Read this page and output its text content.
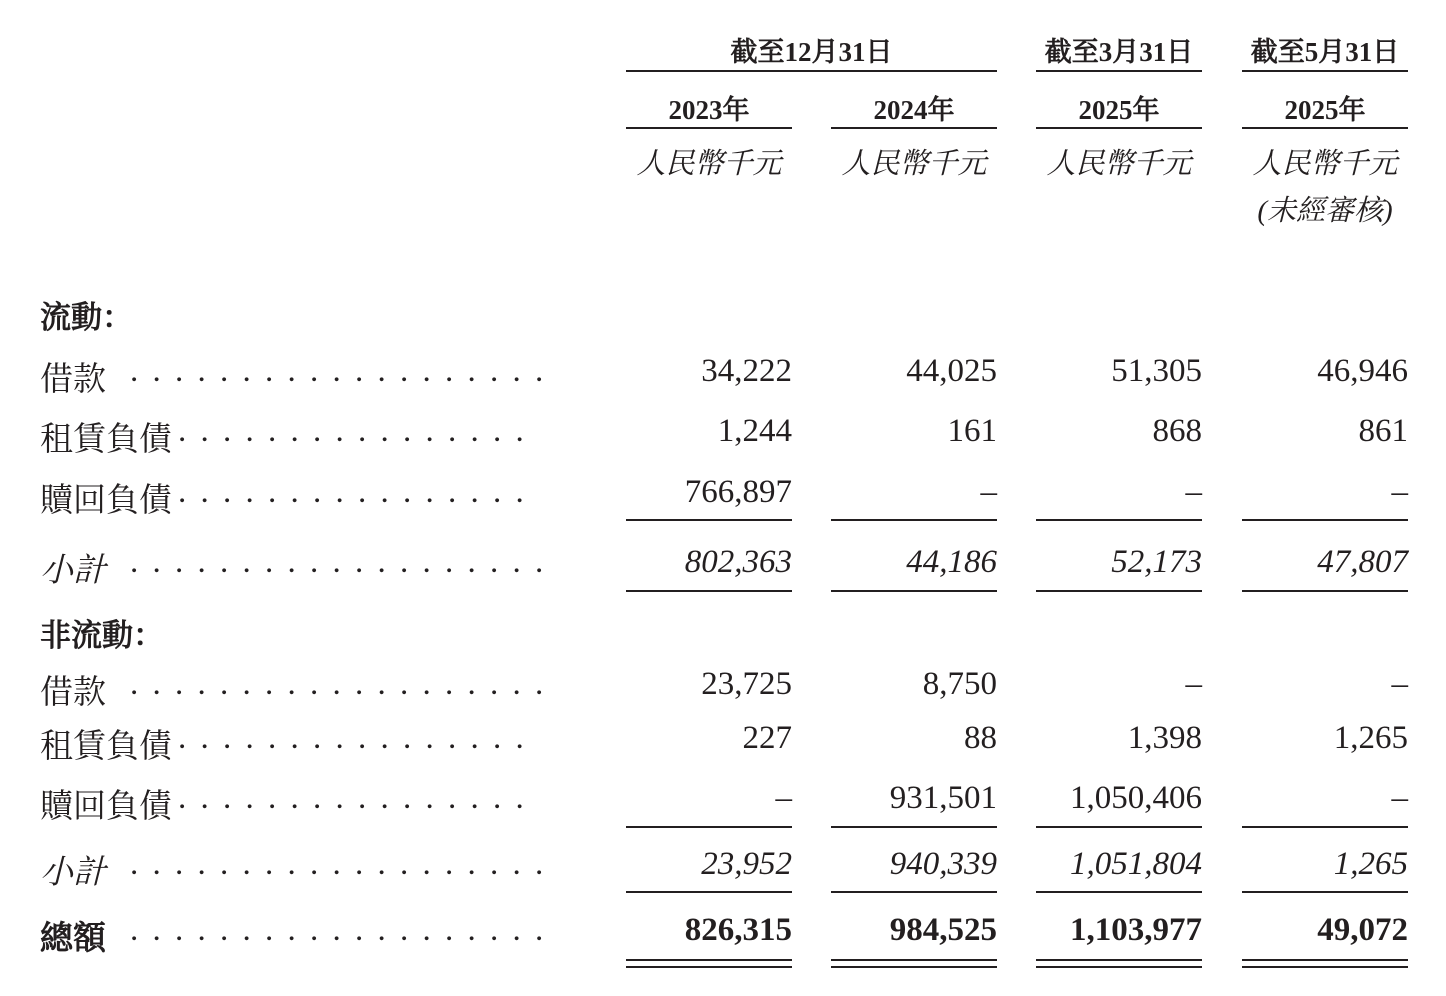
截至12月31日	截至3月31日	截至5月31日
2023年	2024年	2025年	2025年
人民幣千元	人民幣千元	人民幣千元	人民幣千元
(未經審核)
流動：
借款 . . . . . . . . . . . . . . . . . . .	34,222	44,025	51,305	46,946
租賃負債 . . . . . . . . . . . . . . . .	1,244	161	868	861
贖回負債 . . . . . . . . . . . . . . . .	766,897	–	–	–
小計 . . . . . . . . . . . . . . . . . . .	802,363	44,186	52,173	47,807
非流動：
借款 . . . . . . . . . . . . . . . . . . .	23,725	8,750	–	–
租賃負債 . . . . . . . . . . . . . . . .	227	88	1,398	1,265
贖回負債 . . . . . . . . . . . . . . . .	–	931,501	1,050,406	–
小計 . . . . . . . . . . . . . . . . . . .	23,952	940,339	1,051,804	1,265
總額 . . . . . . . . . . . . . . . . . . .	826,315	984,525	1,103,977	49,072
